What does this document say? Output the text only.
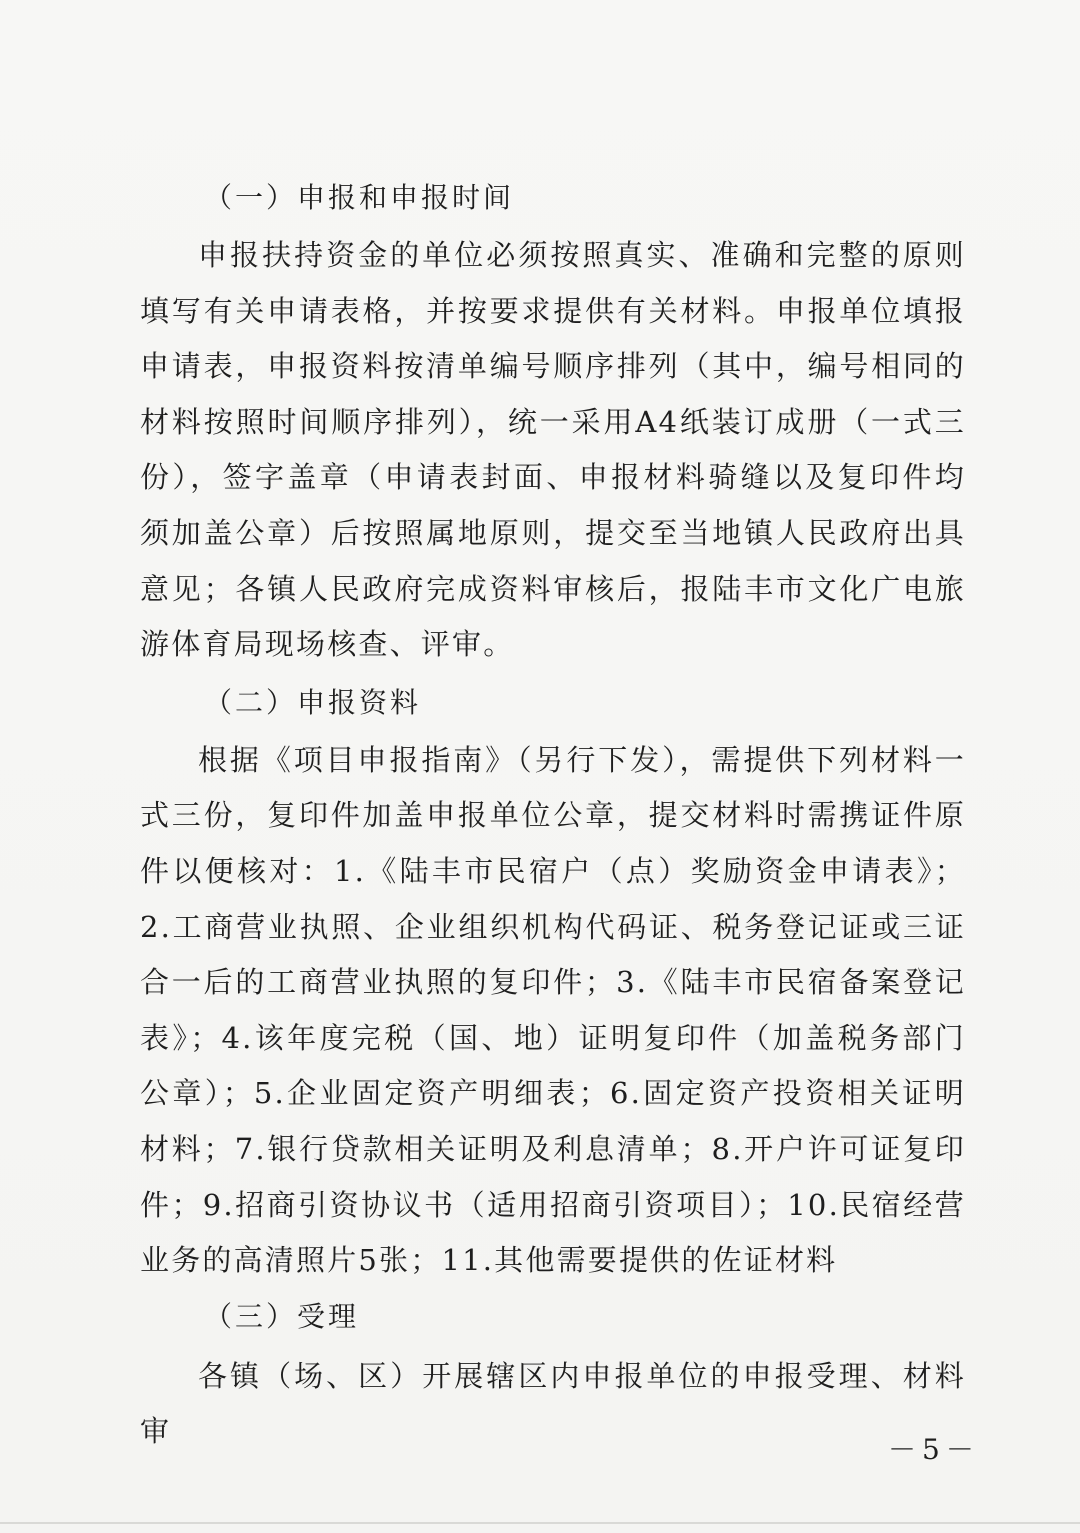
（一）申报和申报时间

申报扶持资金的单位必须按照真实、准确和完整的原则填写有关申请表格，并按要求提供有关材料。申报单位填报申请表，申报资料按清单编号顺序排列（其中，编号相同的材料按照时间顺序排列），统一采用A4纸装订成册（一式三份），签字盖章（申请表封面、申报材料骑缝以及复印件均须加盖公章）后按照属地原则，提交至当地镇人民政府出具意见；各镇人民政府完成资料审核后，报陆丰市文化广电旅游体育局现场核查、评审。

（二）申报资料

根据《项目申报指南》（另行下发），需提供下列材料一式三份，复印件加盖申报单位公章，提交材料时需携证件原件以便核对：1.《陆丰市民宿户（点）奖励资金申请表》；2.工商营业执照、企业组织机构代码证、税务登记证或三证合一后的工商营业执照的复印件；3.《陆丰市民宿备案登记表》；4.该年度完税（国、地）证明复印件（加盖税务部门公章）；5.企业固定资产明细表；6.固定资产投资相关证明材料；7.银行贷款相关证明及利息清单；8.开户许可证复印件；9.招商引资协议书（适用招商引资项目）；10.民宿经营业务的高清照片5张；11.其他需要提供的佐证材料

（三）受理

各镇（场、区）开展辖区内申报单位的申报受理、材料审

－5－
